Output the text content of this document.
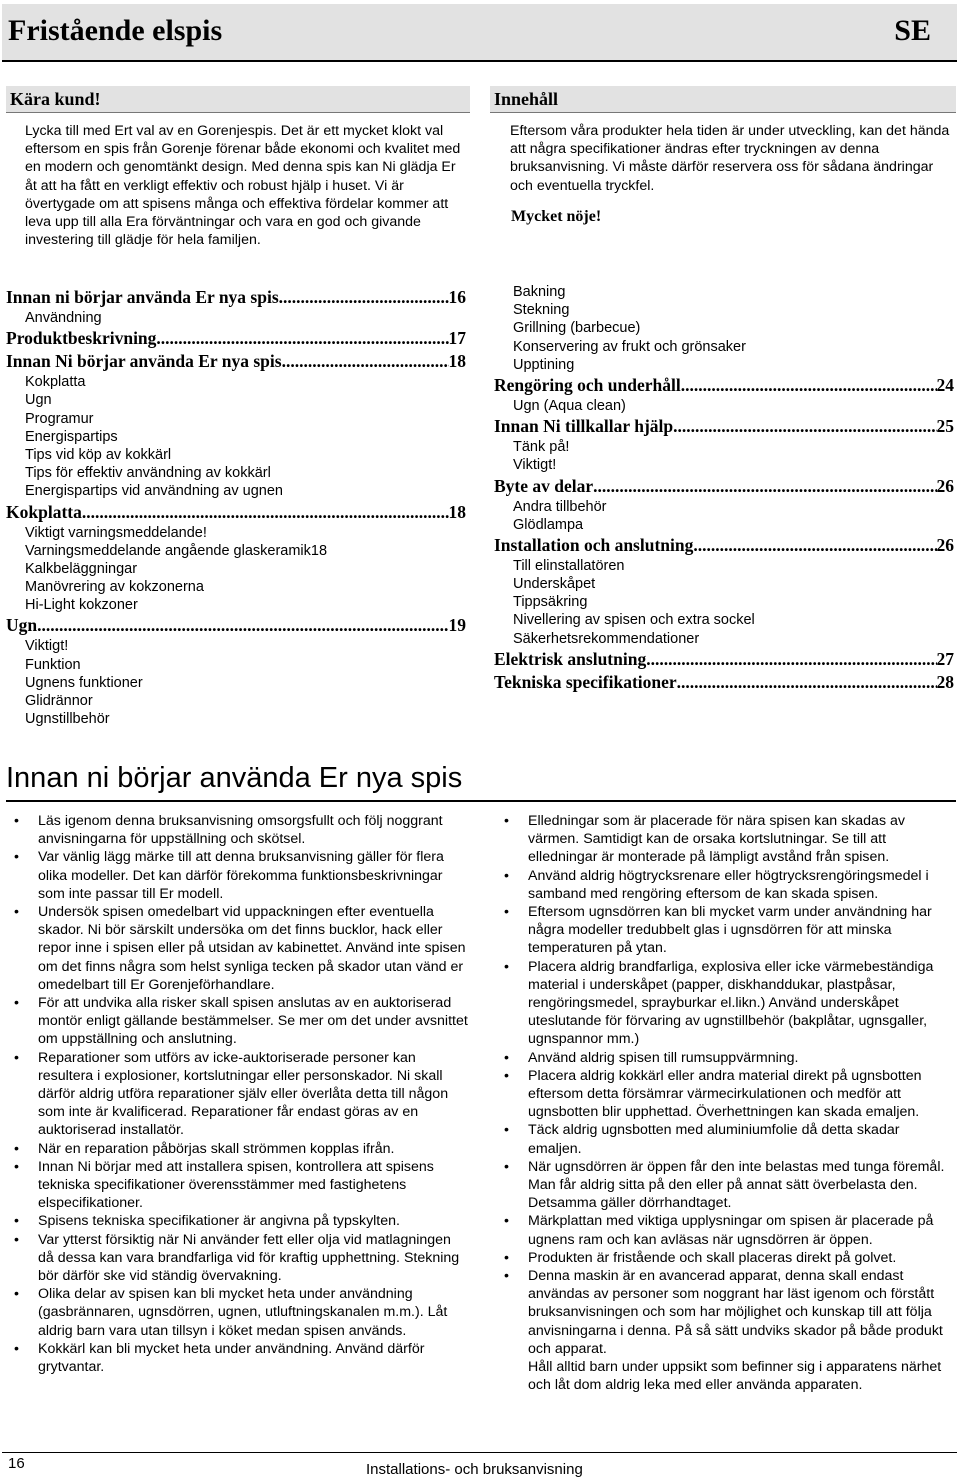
Fristående elspis	SE
Kära kund!

Lycka till med Ert val av en Gorenjespis. Det är ett mycket klokt val eftersom en spis från Gorenje förenar både ekonomi och kvalitet med en modern och genomtänkt design. Med denna spis kan Ni glädja Er åt att ha fått en verkligt effektiv och robust hjälp i huset. Vi är övertygade om att spisens många och effektiva fördelar kommer att leva upp till alla Era förväntningar och vara en god och givande investering till glädje för hela familjen.

Innehåll

Eftersom våra produkter hela tiden är under utveckling, kan det hända att några specifikationer ändras efter tryckningen av denna bruksanvisning. Vi måste därför reservera oss för sådana ändringar och eventuella tryckfel.

Mycket nöje!
Innan ni börjar använda Er nya spis .....	16
Användning
Produktbeskrivning .....	17
Innan Ni börjar använda Er nya spis .....	18
Kokplatta
Ugn
Programur
Energispartips
Tips vid köp av kokkärl
Tips för effektiv användning av kokkärl
Energispartips vid användning av ugnen
Kokplatta .....	18
Viktigt varningsmeddelande!
Varningsmeddelande angående glaskeramik18
Kalkbeläggningar
Manövrering av kokzonerna
Hi-Light kokzoner
Ugn .....	19
Viktigt!
Funktion
Ugnens funktioner
Glidrännor
Ugnstillbehör
Bakning
Stekning
Grillning (barbecue)
Konservering av frukt och grönsaker
Upptining
Rengöring och underhåll .....	24
Ugn (Aqua clean)
Innan Ni tillkallar hjälp .....	25
Tänk på!
Viktigt!
Byte av delar .....	26
Andra tillbehör
Glödlampa
Installation och anslutning .....	26
Till elinstallatören
Underskåpet
Tippsäkring
Nivellering av spisen och extra sockel
Säkerhetsrekommendationer
Elektrisk anslutning .....	27
Tekniska specifikationer .....	28
Innan ni börjar använda Er nya spis
• Läs igenom denna bruksanvisning omsorgsfullt och följ noggrant anvisningarna för uppställning och skötsel.
• Var vänlig lägg märke till att denna bruksanvisning gäller för flera olika modeller. Det kan därför förekomma funktionsbeskrivningar som inte passar till Er modell.
• Undersök spisen omedelbart vid uppackningen efter eventuella skador. Ni bör särskilt undersöka om det finns bucklor, hack eller repor inne i spisen eller på utsidan av kabinettet. Använd inte spisen om det finns några som helst synliga tecken på skador utan vänd er omedelbart till Er Gorenjeförhandlare.
• För att undvika alla risker skall spisen anslutas av en auktoriserad montör enligt gällande bestämmelser. Se mer om det under avsnittet om uppställning och anslutning.
• Reparationer som utförs av icke-auktoriserade personer kan resultera i explosioner, kortslutningar eller personskador. Ni skall därför aldrig utföra reparationer själv eller överlåta detta till någon som inte är kvalificerad. Reparationer får endast göras av en auktoriserad installatör.
• När en reparation påbörjas skall strömmen kopplas ifrån.
• Innan Ni börjar med att installera spisen, kontrollera att spisens tekniska specifikationer överensstämmer med fastighetens elspecifikationer.
• Spisens tekniska specifikationer är angivna på typskylten.
• Var ytterst försiktig när Ni använder fett eller olja vid matlagningen då dessa kan vara brandfarliga vid för kraftig upphettning. Stekning bör därför ske vid ständig övervakning.
• Olika delar av spisen kan bli mycket heta under användning (gasbrännaren, ugnsdörren, ugnen, utluftningskanalen m.m.). Låt aldrig barn vara utan tillsyn i köket medan spisen används.
• Kokkärl kan bli mycket heta under användning. Använd därför grytvantar.
• Elledningar som är placerade för nära spisen kan skadas av värmen. Samtidigt kan de orsaka kortslutningar. Se till att elledningar är monterade på lämpligt avstånd från spisen.
• Använd aldrig högtrycksrenare eller högtrycksrengöringsmedel i samband med rengöring eftersom de kan skada spisen.
• Eftersom ugnsdörren kan bli mycket varm under användning har några modeller tredubbelt glas i ugnsdörren för att minska temperaturen på ytan.
• Placera aldrig brandfarliga, explosiva eller icke värmebeständiga material i underskåpet (papper, diskhanddukar, plastpåsar, rengöringsmedel, sprayburkar el.likn.) Använd underskåpet uteslutande för förvaring av ugnstillbehör (bakplåtar, ugnsgaller, ugnspannor mm.)
• Använd aldrig spisen till rumsuppvärmning.
• Placera aldrig kokkärl eller andra material direkt på ugnsbotten eftersom detta försämrar värmecirkulationen och medför att ugnsbotten blir upphettad. Överhettningen kan skada emaljen.
• Täck aldrig ugnsbotten med aluminiumfolie då detta skadar emaljen.
• När ugnsdörren är öppen får den inte belastas med tunga föremål. Man får aldrig sitta på den eller på annat sätt överbelasta den. Detsamma gäller dörrhandtaget.
• Märkplattan med viktiga upplysningar om spisen är placerade på ugnens ram och kan avläsas när ugnsdörren är öppen.
• Produkten är fristående och skall placeras direkt på golvet.
• Denna maskin är en avancerad apparat, denna skall endast användas av personer som noggrant har läst igenom och förstått bruksanvisningen och som har möjlighet och kunskap till att följa anvisningarna i denna. På så sätt undviks skador på både produkt och apparat.
Håll alltid barn under uppsikt som befinner sig i apparatens närhet och låt dom aldrig leka med eller använda apparaten.
16	Installations- och bruksanvisning
